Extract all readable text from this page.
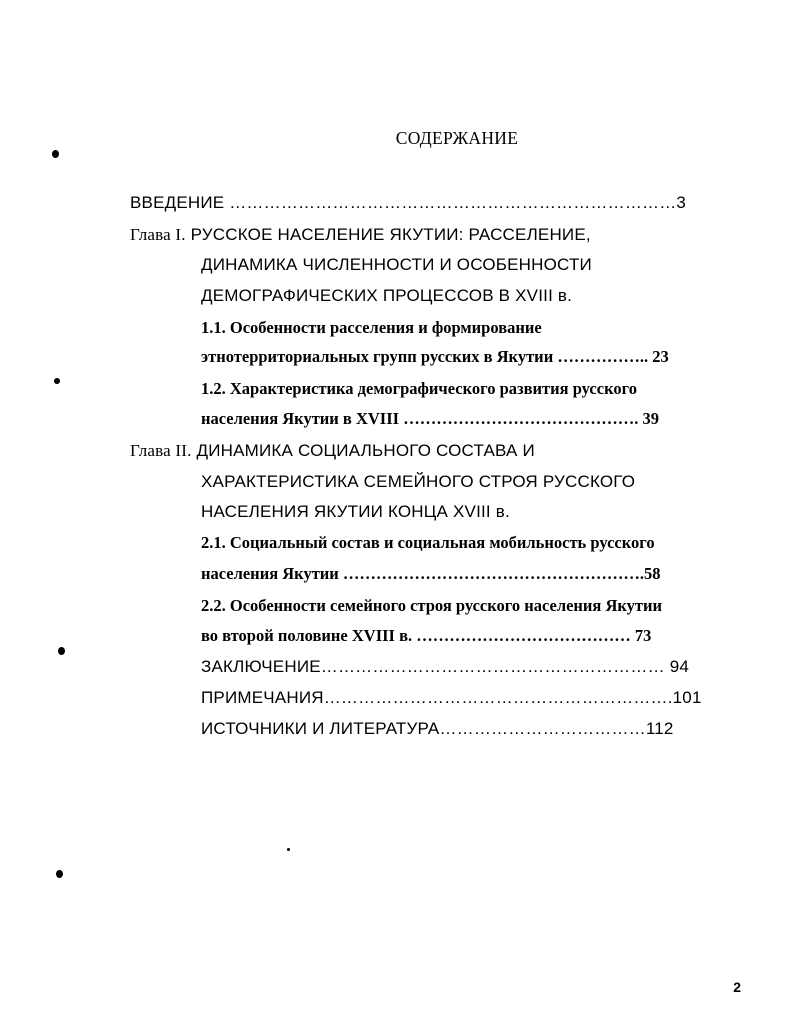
СОДЕРЖАНИЕ
ВВЕДЕНИЕ ……………………………………………………………………3
Глава I. РУССКОЕ НАСЕЛЕНИЕ ЯКУТИИ: РАССЕЛЕНИЕ,
ДИНАМИКА ЧИСЛЕННОСТИ И ОСОБЕННОСТИ
ДЕМОГРАФИЧЕСКИХ ПРОЦЕССОВ В XVIII в.
1.1. Особенности расселения и формирование
этнотерриториальных групп русских в Якутии …………….. 23
1.2. Характеристика демографического развития русского
населения Якутии в XVIII ……………………………………. 39
Глава II. ДИНАМИКА СОЦИАЛЬНОГО СОСТАВА И
ХАРАКТЕРИСТИКА СЕМЕЙНОГО СТРОЯ РУССКОГО
НАСЕЛЕНИЯ ЯКУТИИ КОНЦА XVIII в.
2.1. Социальный состав и социальная мобильность русского
населения Якутии ……………………………………………….58
2.2. Особенности семейного строя русского населения Якутии
во второй половине XVIII в. ………………………………… 73
ЗАКЛЮЧЕНИЕ…………………………………………………… 94
ПРИМЕЧАНИЯ…………………………………………………….101
ИСТОЧНИКИ И ЛИТЕРАТУРА………………………………112
2
